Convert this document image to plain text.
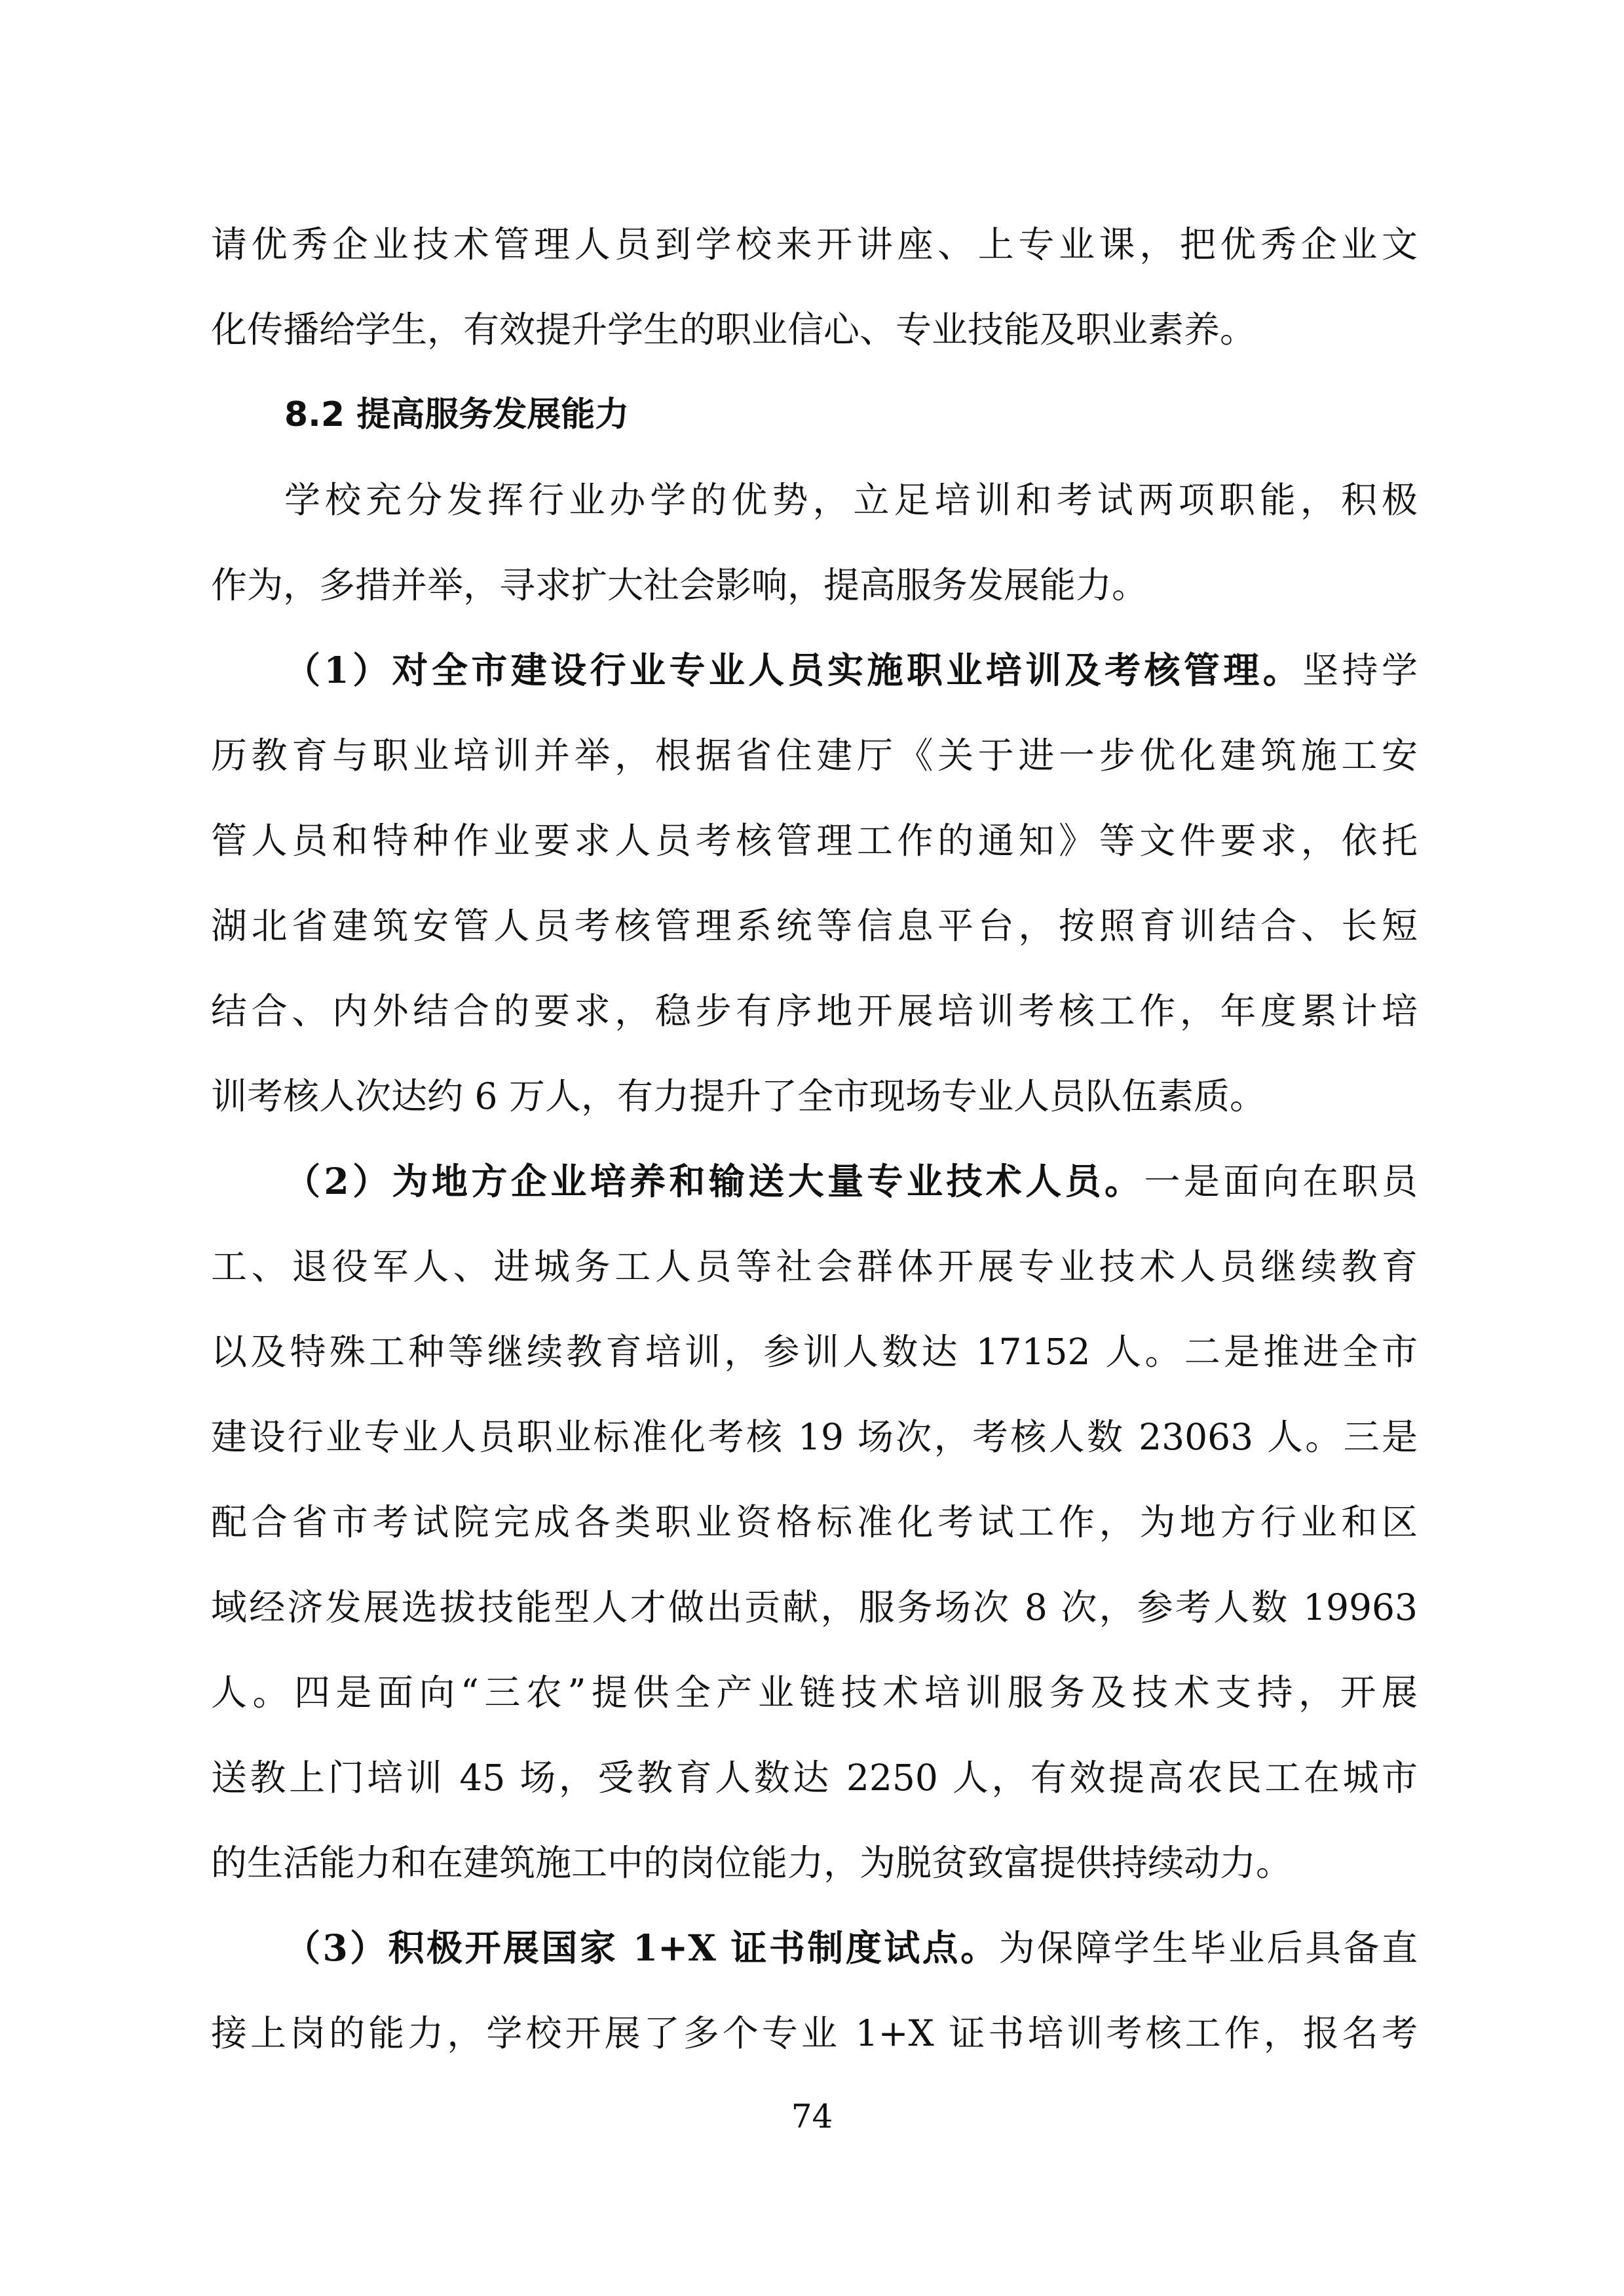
请优秀企业技术管理人员到学校来开讲座、上专业课，把优秀企业文
化传播给学生，有效提升学生的职业信心、专业技能及职业素养。
8.2 提高服务发展能力
学校充分发挥行业办学的优势，立足培训和考试两项职能，积极
作为，多措并举，寻求扩大社会影响，提高服务发展能力。
（1）对全市建设行业专业人员实施职业培训及考核管理。坚持学
历教育与职业培训并举，根据省住建厅《关于进一步优化建筑施工安
管人员和特种作业要求人员考核管理工作的通知》等文件要求，依托
湖北省建筑安管人员考核管理系统等信息平台，按照育训结合、长短
结合、内外结合的要求，稳步有序地开展培训考核工作，年度累计培
训考核人次达约 6 万人，有力提升了全市现场专业人员队伍素质。
（2）为地方企业培养和输送大量专业技术人员。一是面向在职员
工、退役军人、进城务工人员等社会群体开展专业技术人员继续教育
以及特殊工种等继续教育培训，参训人数达 17152 人。二是推进全市
建设行业专业人员职业标准化考核 19 场次，考核人数 23063 人。三是
配合省市考试院完成各类职业资格标准化考试工作，为地方行业和区
域经济发展选拔技能型人才做出贡献，服务场次 8 次，参考人数 19963
人。四是面向“三农”提供全产业链技术培训服务及技术支持，开展
送教上门培训 45 场，受教育人数达 2250 人，有效提高农民工在城市
的生活能力和在建筑施工中的岗位能力，为脱贫致富提供持续动力。
（3）积极开展国家 1+X 证书制度试点。为保障学生毕业后具备直
接上岗的能力，学校开展了多个专业 1+X 证书培训考核工作，报名考
74
